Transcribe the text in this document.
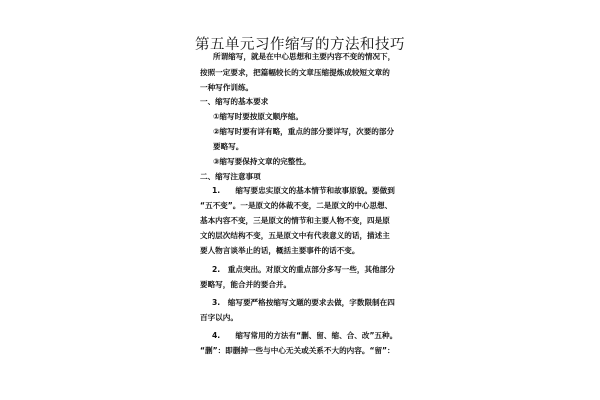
第五单元习作缩写的方法和技巧
所谓缩写，就是在中心思想和主要内容不变的情况下，
按照一定要求，把篇幅较长的文章压缩提炼成较短文章的
一种写作训练。
一、缩写的基本要求
①缩写时要按原文顺序缩。
②缩写时要有详有略，重点的部分要详写，次要的部分
要略写。
③缩写要保持文章的完整性。
二、缩写注意事项
1.　　缩写要忠实原文的基本情节和故事原貌。要做到
“五不变”。一是原文的体裁不变，二是原文的中心思想、
基本内容不变，三是原文的情节和主要人物不变，四是原
文的层次结构不变，五是原文中有代表意义的话，描述主
要人物言谈举止的话，概括主要事件的话不变。
2.　重点突出。对原文的重点部分多写一些，其他部分
要略写，能合并的要合并。
3.　缩写要严格按缩写文题的要求去做，字数限制在四
百字以内。
4.　　缩写常用的方法有“删、留、缩、合、改”五种。
“删”：即删掉一些与中心无关或关系不大的内容。“留”：
